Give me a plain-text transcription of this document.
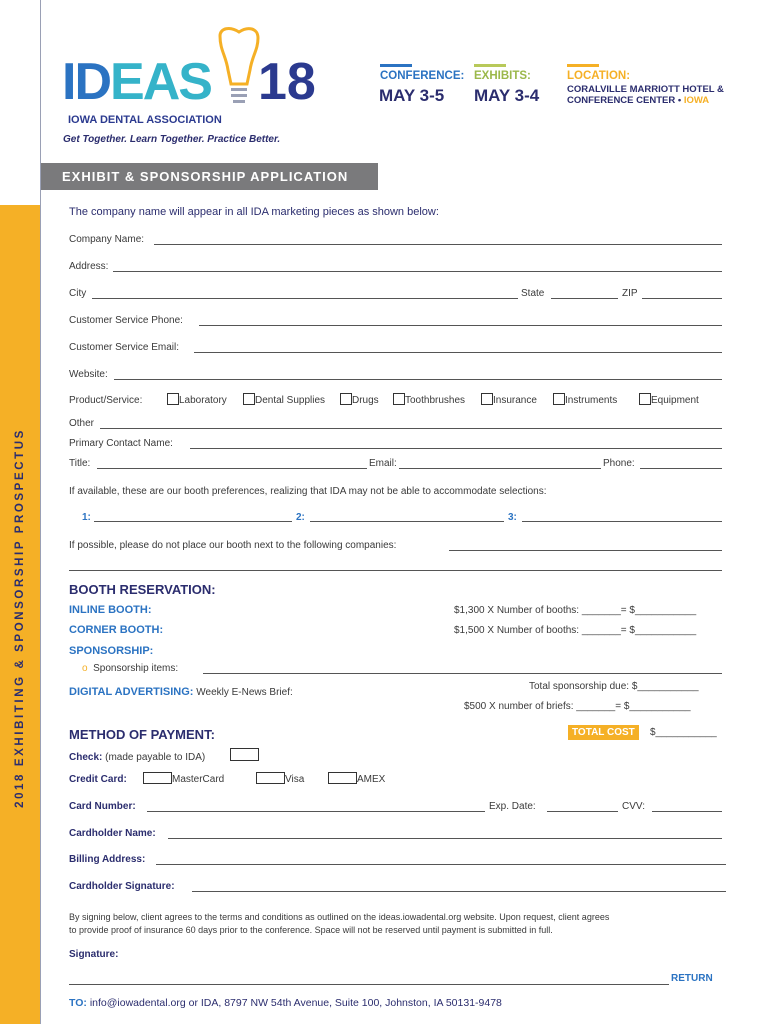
2018 EXHIBITING & SPONSORSHIP PROSPECTUS
IDEAS 18
IOWA DENTAL ASSOCIATION
Get Together. Learn Together. Practice Better.
CONFERENCE:
MAY 3-5
EXHIBITS:
MAY 3-4
LOCATION:
CORALVILLE MARRIOTT HOTEL &
CONFERENCE CENTER • IOWA
EXHIBIT & SPONSORSHIP APPLICATION
The company name will appear in all IDA marketing pieces as shown below:
Company Name:
Address:
City	State	ZIP
Customer Service Phone:
Customer Service Email:
Website:
Product/Service:	Laboratory	Dental Supplies	Drugs	Toothbrushes	Insurance	Instruments	Equipment
Other
Primary Contact Name:
Title:	Email:	Phone:
If available, these are our booth preferences, realizing that IDA may not be able to accommodate selections:
1:	2:	3:
If possible, please do not place our booth next to the following companies:
BOOTH RESERVATION:
INLINE BOOTH:	$1,300 X Number of booths: _______= $___________
CORNER BOOTH:	$1,500 X Number of booths: _______= $___________
SPONSORSHIP:
o Sponsorship items:
Total sponsorship due: $___________
DIGITAL ADVERTISING: Weekly E-News Brief:
$500 X number of briefs: _______= $___________
METHOD OF PAYMENT:	TOTAL COST	$___________
Check: (made payable to IDA)
Credit Card:	MasterCard	Visa	AMEX
Card Number:	Exp. Date:	CVV:
Cardholder Name:
Billing Address:
Cardholder Signature:
By signing below, client agrees to the terms and conditions as outlined on the ideas.iowadental.org website. Upon request, client agrees
to provide proof of insurance 60 days prior to the conference. Space will not be reserved until payment is submitted in full.
Signature:
RETURN
TO: info@iowadental.org or IDA, 8797 NW 54th Avenue, Suite 100, Johnston, IA 50131-9478
